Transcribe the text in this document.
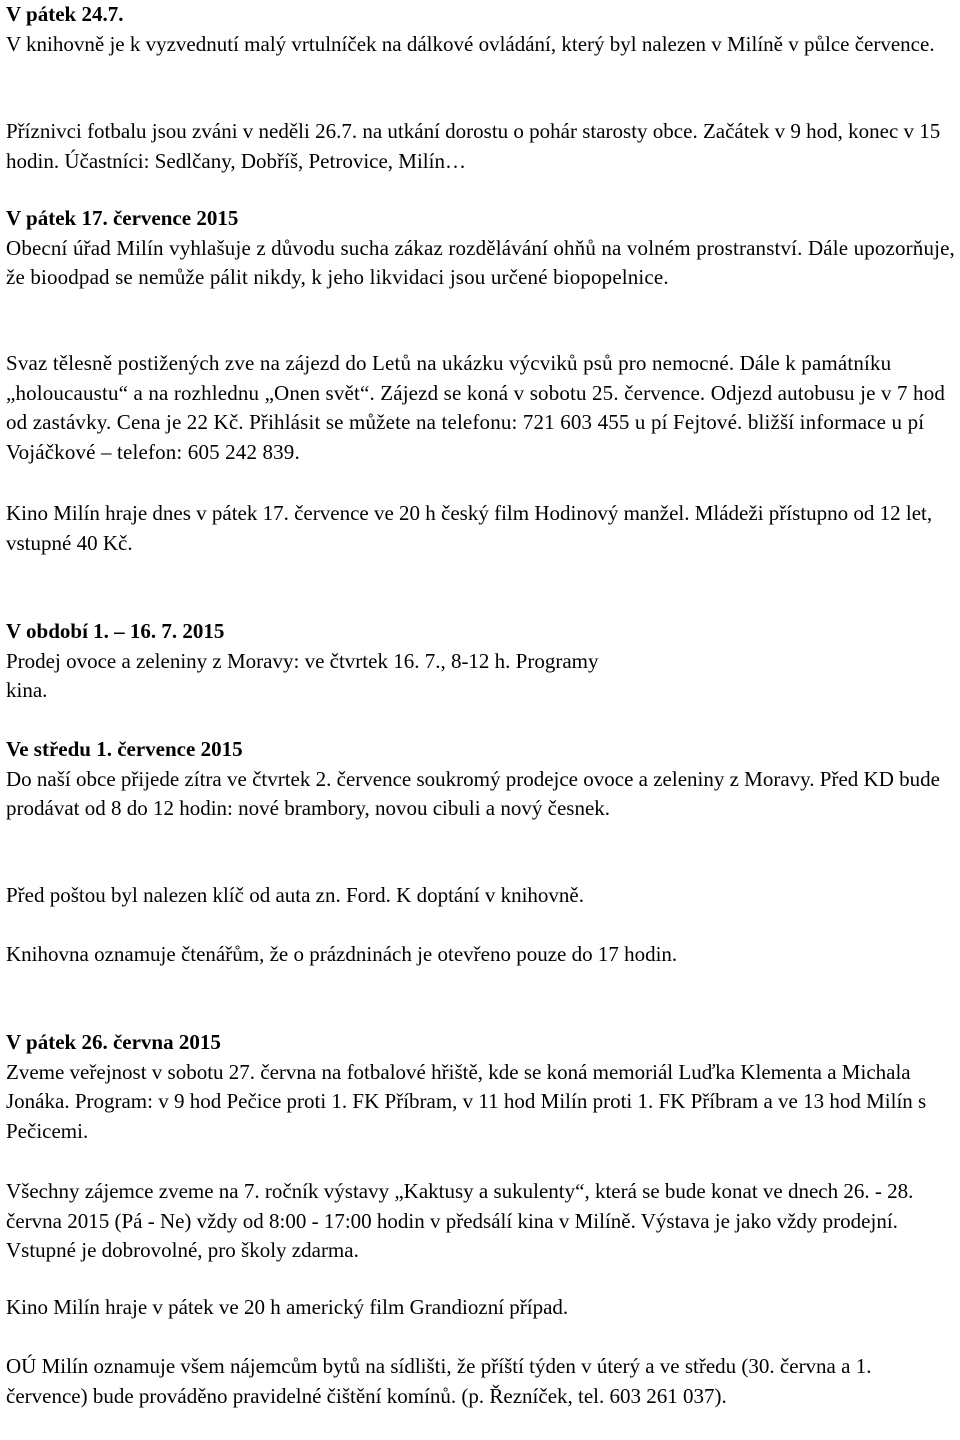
V pátek 24.7.

V knihovně je k vyzvednutí malý vrtulníček na dálkové ovládání, který byl nalezen v Milíně v půlce července.

Příznivci fotbalu jsou zváni v neděli 26.7. na utkání dorostu o pohár starosty obce. Začátek v 9 hod, konec v 15 hodin. Účastníci: Sedlčany, Dobříš, Petrovice, Milín…

V pátek 17. července 2015

Obecní úřad Milín vyhlašuje z důvodu sucha zákaz rozdělávání ohňů na volném prostranství. Dále upozorňuje, že bioodpad se nemůže pálit nikdy, k jeho likvidaci jsou určené biopopelnice.

Svaz tělesně postižených zve na zájezd do Letů na ukázku výcviků psů pro nemocné. Dále k památníku „holoucaustu“ a na rozhlednu „Onen svět“. Zájezd se koná v sobotu 25. července. Odjezd autobusu je v 7 hod od zastávky. Cena je 22 Kč. Přihlásit se můžete na telefonu: 721 603 455 u pí Fejtové. bližší informace u pí Vojáčkové – telefon: 605 242 839.

Kino Milín hraje dnes v pátek 17. července ve 20 h český film Hodinový manžel. Mládeži přístupno od 12 let, vstupné 40 Kč.

V období 1. – 16. 7. 2015

Prodej ovoce a zeleniny z Moravy: ve čtvrtek 16. 7., 8-12 h. Programy kina.

Ve středu 1. července 2015

Do naší obce přijede zítra ve čtvrtek 2. července soukromý prodejce ovoce a zeleniny z Moravy. Před KD bude prodávat od 8 do 12 hodin: nové brambory, novou cibuli a nový česnek.

Před poštou byl nalezen klíč od auta zn. Ford. K doptání v knihovně.

Knihovna oznamuje čtenářům, že o prázdninách je otevřeno pouze do 17 hodin.

V pátek 26. června 2015

Zveme veřejnost v sobotu 27. června na fotbalové hřiště, kde se koná memoriál Luďka Klementa a Michala Jonáka. Program: v 9 hod Pečice proti 1. FK Příbram, v 11 hod Milín proti 1. FK Příbram a ve 13 hod Milín s Pečicemi.

Všechny zájemce zveme na 7. ročník výstavy „Kaktusy a sukulenty“, která se bude konat ve dnech 26. - 28. června 2015 (Pá - Ne) vždy od 8:00 - 17:00 hodin v předsálí kina v Milíně. Výstava je jako vždy prodejní. Vstupné je dobrovolné, pro školy zdarma.

Kino Milín hraje v pátek ve 20 h americký film Grandiozní případ.

OÚ Milín oznamuje všem nájemcům bytů na sídlišti, že příští týden v úterý a ve středu (30. června a 1. července) bude prováděno pravidelné čištění komínů. (p. Řezníček, tel. 603 261 037).
